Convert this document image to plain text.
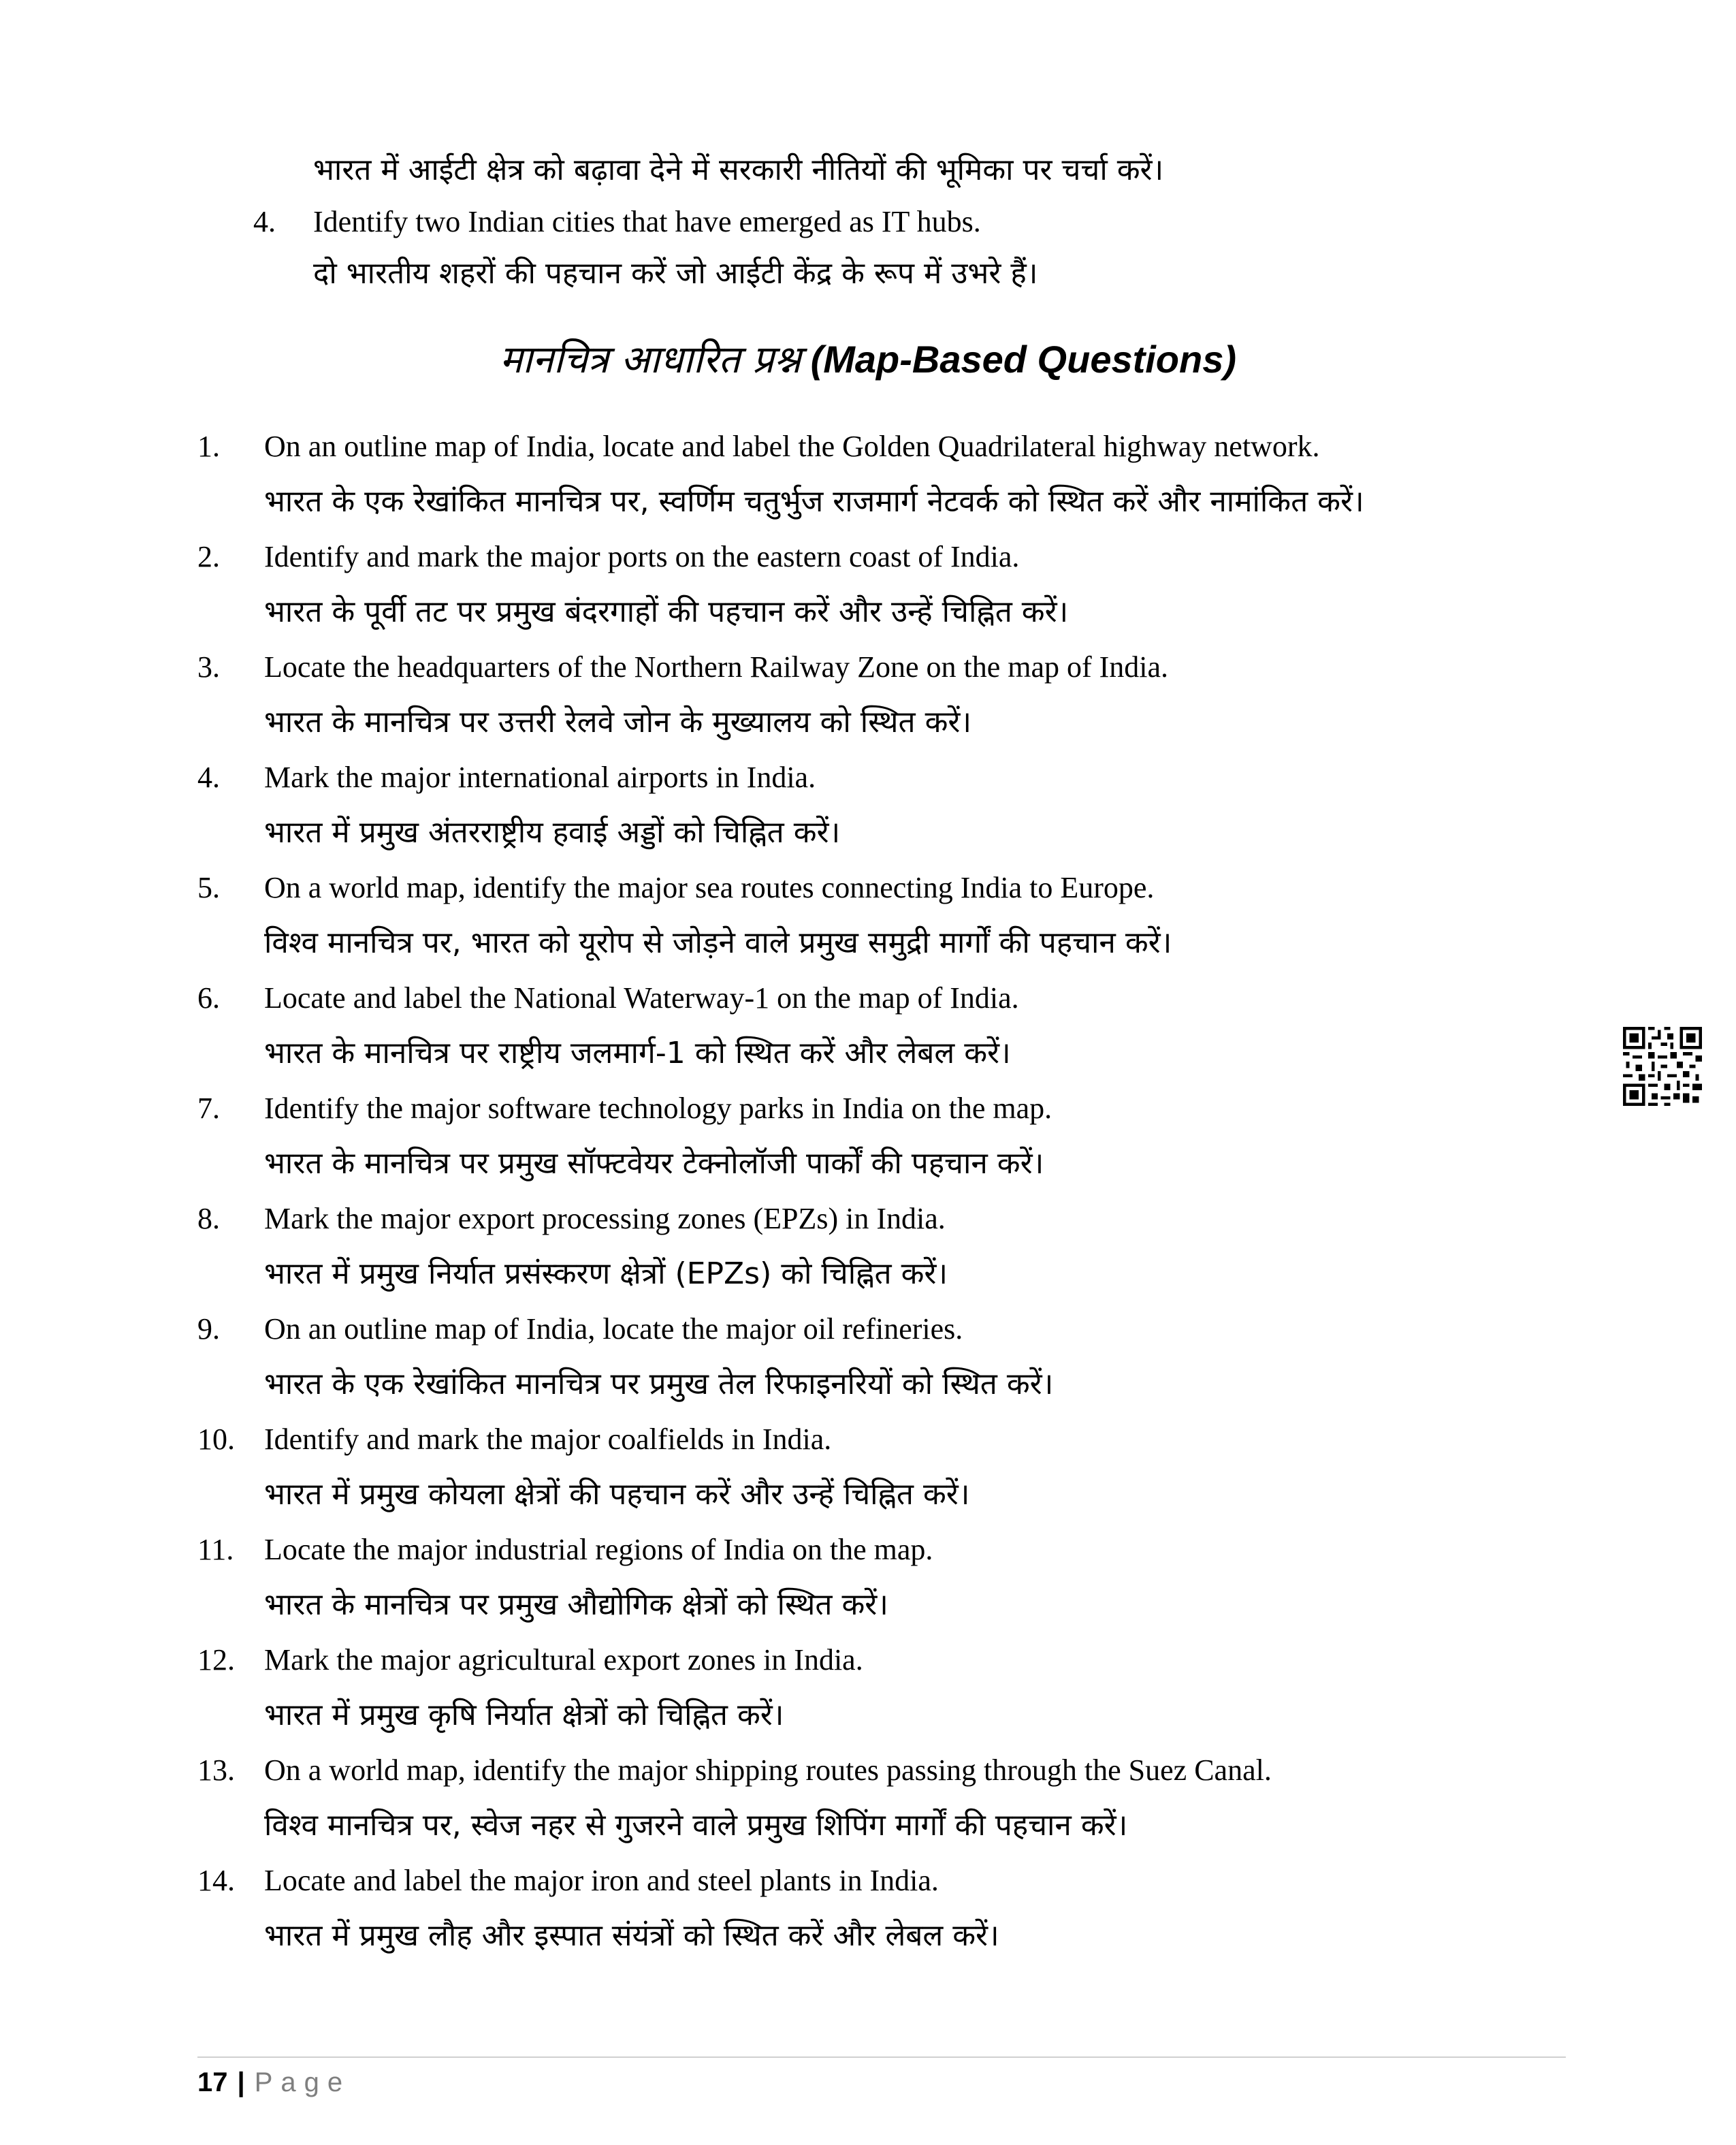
भारत में आईटी क्षेत्र को बढ़ावा देने में सरकारी नीतियों की भूमिका पर चर्चा करें।
4.	Identify two Indian cities that have emerged as IT hubs.
दो भारतीय शहरों की पहचान करें जो आईटी केंद्र के रूप में उभरे हैं।
मानचित्र आधारित प्रश्न (Map-Based Questions)
1.	On an outline map of India, locate and label the Golden Quadrilateral highway network.
भारत के एक रेखांकित मानचित्र पर, स्वर्णिम चतुर्भुज राजमार्ग नेटवर्क को स्थित करें और नामांकित करें।
2.	Identify and mark the major ports on the eastern coast of India.
भारत के पूर्वी तट पर प्रमुख बंदरगाहों की पहचान करें और उन्हें चिह्नित करें।
3.	Locate the headquarters of the Northern Railway Zone on the map of India.
भारत के मानचित्र पर उत्तरी रेलवे जोन के मुख्यालय को स्थित करें।
4.	Mark the major international airports in India.
भारत में प्रमुख अंतरराष्ट्रीय हवाई अड्डों को चिह्नित करें।
5.	On a world map, identify the major sea routes connecting India to Europe.
विश्व मानचित्र पर, भारत को यूरोप से जोड़ने वाले प्रमुख समुद्री मार्गों की पहचान करें।
6.	Locate and label the National Waterway-1 on the map of India.
भारत के मानचित्र पर राष्ट्रीय जलमार्ग-1 को स्थित करें और लेबल करें।
7.	Identify the major software technology parks in India on the map.
भारत के मानचित्र पर प्रमुख सॉफ्टवेयर टेक्नोलॉजी पार्कों की पहचान करें।
8.	Mark the major export processing zones (EPZs) in India.
भारत में प्रमुख निर्यात प्रसंस्करण क्षेत्रों (EPZs) को चिह्नित करें।
9.	On an outline map of India, locate the major oil refineries.
भारत के एक रेखांकित मानचित्र पर प्रमुख तेल रिफाइनरियों को स्थित करें।
10. Identify and mark the major coalfields in India.
भारत में प्रमुख कोयला क्षेत्रों की पहचान करें और उन्हें चिह्नित करें।
11.	Locate the major industrial regions of India on the map.
भारत के मानचित्र पर प्रमुख औद्योगिक क्षेत्रों को स्थित करें।
12. Mark the major agricultural export zones in India.
भारत में प्रमुख कृषि निर्यात क्षेत्रों को चिह्नित करें।
13. On a world map, identify the major shipping routes passing through the Suez Canal.
विश्व मानचित्र पर, स्वेज नहर से गुजरने वाले प्रमुख शिपिंग मार्गों की पहचान करें।
14. Locate and label the major iron and steel plants in India.
भारत में प्रमुख लौह और इस्पात संयंत्रों को स्थित करें और लेबल करें।
17 | Page
